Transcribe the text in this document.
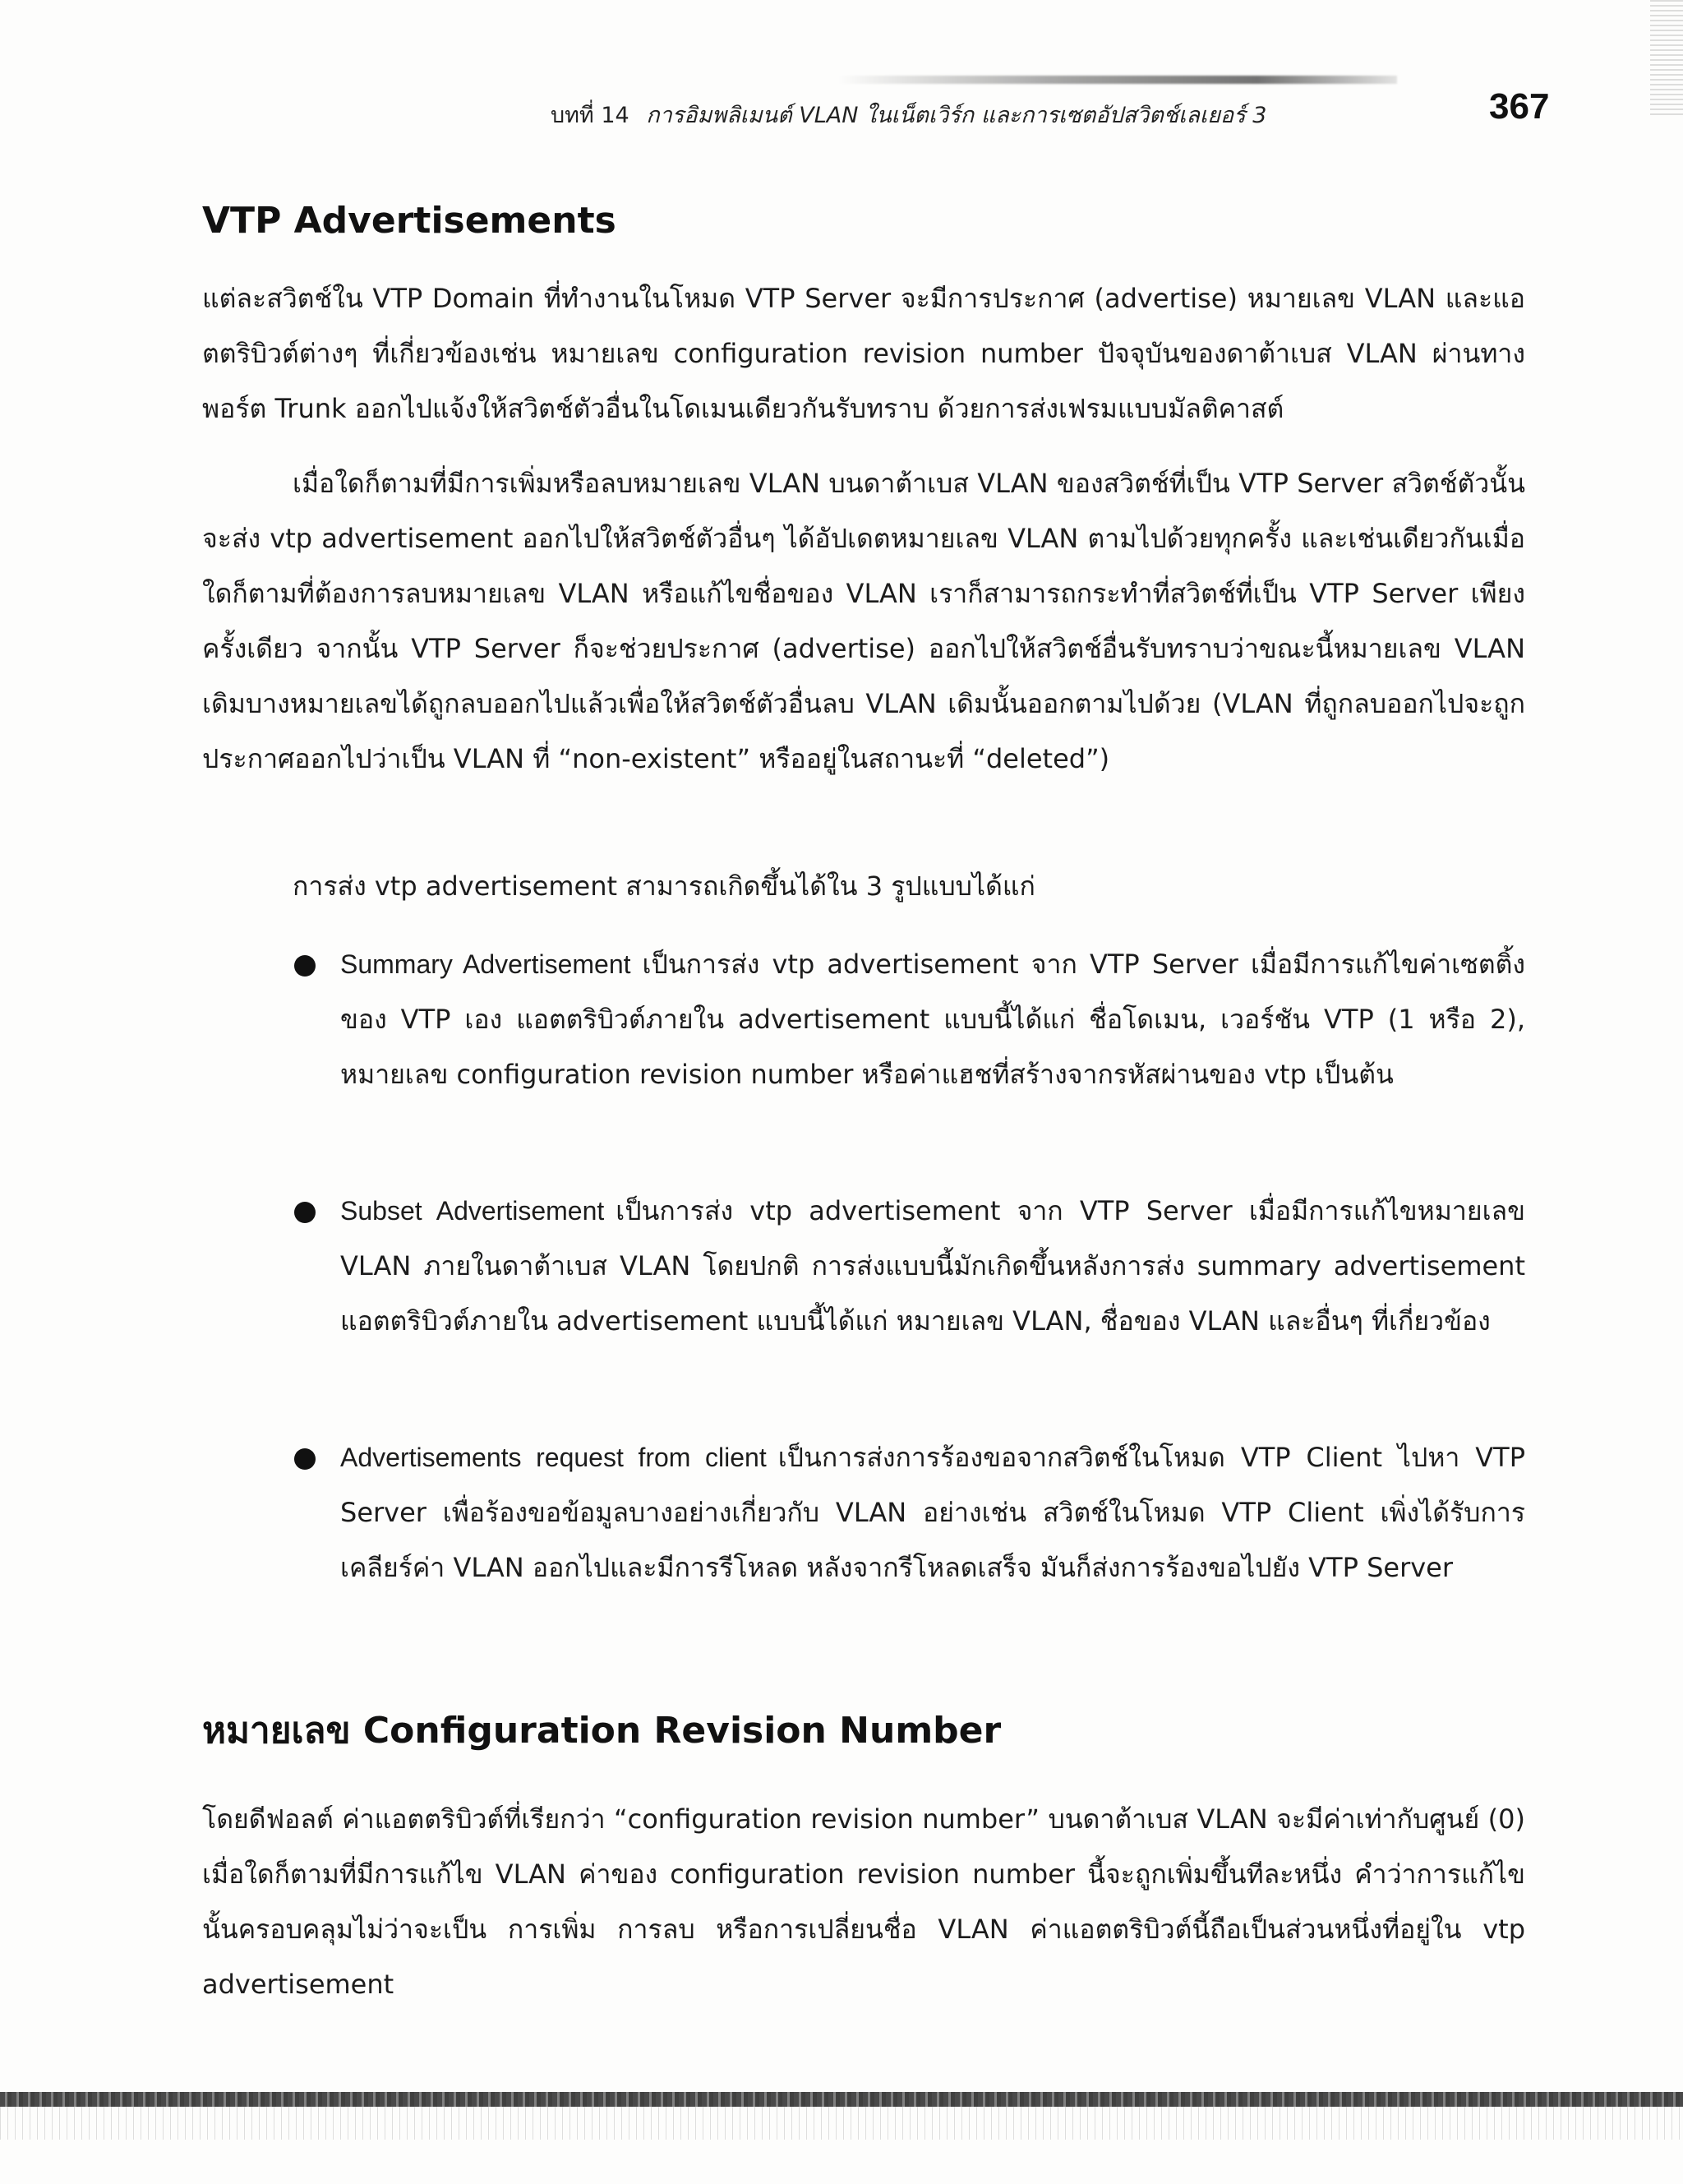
บทที่ 14 การอิมพลิเมนต์ VLAN ในเน็ตเวิร์ก และการเซตอัปสวิตช์เลเยอร์ 3	367
VTP Advertisements

แต่ละสวิตช์ใน VTP Domain ที่ทำงานในโหมด VTP Server จะมีการประกาศ (advertise) หมายเลข VLAN และแอตตริบิวต์ต่างๆ ที่เกี่ยวข้องเช่น หมายเลข configuration revision number ปัจจุบันของดาต้าเบส VLAN ผ่านทางพอร์ต Trunk ออกไปแจ้งให้สวิตช์ตัวอื่นในโดเมนเดียวกันรับทราบ ด้วยการส่งเฟรมแบบมัลติคาสต์

เมื่อใดก็ตามที่มีการเพิ่มหรือลบหมายเลข VLAN บนดาต้าเบส VLAN ของสวิตช์ที่เป็น VTP Server สวิตช์ตัวนั้นจะส่ง vtp advertisement ออกไปให้สวิตช์ตัวอื่นๆ ได้อัปเดตหมายเลข VLAN ตามไปด้วยทุกครั้ง และเช่นเดียวกันเมื่อใดก็ตามที่ต้องการลบหมายเลข VLAN หรือแก้ไขชื่อของ VLAN เราก็สามารถกระทำที่สวิตช์ที่เป็น VTP Server เพียงครั้งเดียว จากนั้น VTP Server ก็จะช่วยประกาศ (advertise) ออกไปให้สวิตช์อื่นรับทราบว่าขณะนี้หมายเลข VLAN เดิมบางหมายเลขได้ถูกลบออกไปแล้วเพื่อให้สวิตช์ตัวอื่นลบ VLAN เดิมนั้นออกตามไปด้วย (VLAN ที่ถูกลบออกไปจะถูกประกาศออกไปว่าเป็น VLAN ที่ “non-existent” หรืออยู่ในสถานะที่ “deleted”)

การส่ง vtp advertisement สามารถเกิดขึ้นได้ใน 3 รูปแบบได้แก่

Summary Advertisement เป็นการส่ง vtp advertisement จาก VTP Server เมื่อมีการแก้ไขค่าเซตติ้งของ VTP เอง แอตตริบิวต์ภายใน advertisement แบบนี้ได้แก่ ชื่อโดเมน, เวอร์ชัน VTP (1 หรือ 2), หมายเลข configuration revision number หรือค่าแฮชที่สร้างจากรหัสผ่านของ vtp เป็นต้น
Subset Advertisement เป็นการส่ง vtp advertisement จาก VTP Server เมื่อมีการแก้ไขหมายเลข VLAN ภายในดาต้าเบส VLAN โดยปกติ การส่งแบบนี้มักเกิดขึ้นหลังการส่ง summary advertisement แอตตริบิวต์ภายใน advertisement แบบนี้ได้แก่ หมายเลข VLAN, ชื่อของ VLAN และอื่นๆ ที่เกี่ยวข้อง
Advertisements request from client เป็นการส่งการร้องขอจากสวิตช์ในโหมด VTP Client ไปหา VTP Server เพื่อร้องขอข้อมูลบางอย่างเกี่ยวกับ VLAN อย่างเช่น สวิตช์ในโหมด VTP Client เพิ่งได้รับการเคลียร์ค่า VLAN ออกไปและมีการรีโหลด หลังจากรีโหลดเสร็จ มันก็ส่งการร้องขอไปยัง VTP Server
หมายเลข Configuration Revision Number

โดยดีฟอลต์ ค่าแอตตริบิวต์ที่เรียกว่า “configuration revision number” บนดาต้าเบส VLAN จะมีค่าเท่ากับศูนย์ (0) เมื่อใดก็ตามที่มีการแก้ไข VLAN ค่าของ configuration revision number นี้จะถูกเพิ่มขึ้นทีละหนึ่ง คำว่าการแก้ไขนั้นครอบคลุมไม่ว่าจะเป็น การเพิ่ม การลบ หรือการเปลี่ยนชื่อ VLAN ค่าแอตตริบิวต์นี้ถือเป็นส่วนหนึ่งที่อยู่ใน vtp advertisement
